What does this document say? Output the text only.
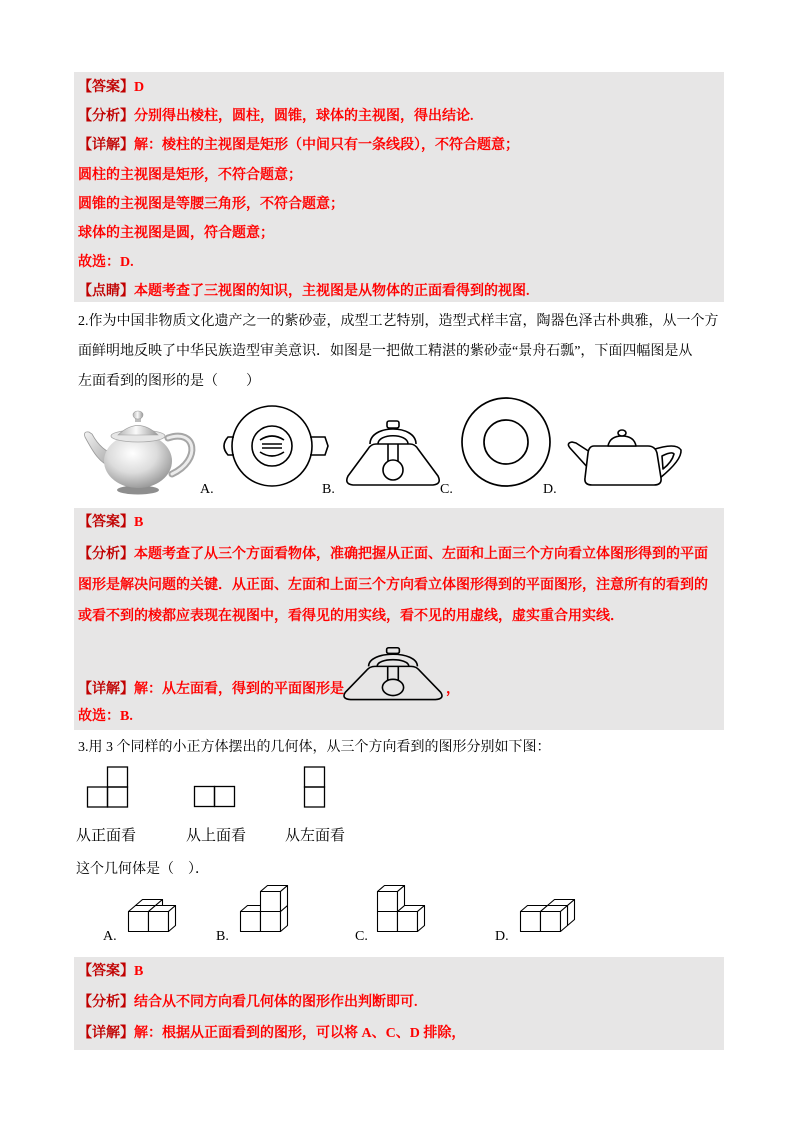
【答案】D
【分析】分别得出棱柱，圆柱，圆锥，球体的主视图，得出结论.
【详解】解：棱柱的主视图是矩形（中间只有一条线段），不符合题意；
圆柱的主视图是矩形，不符合题意；
圆锥的主视图是等腰三角形，不符合题意；
球体的主视图是圆，符合题意；
故选：D.
【点睛】本题考查了三视图的知识，主视图是从物体的正面看得到的视图.
2.作为中国非物质文化遗产之一的紫砂壶，成型工艺特别，造型式样丰富，陶器色泽古朴典雅，从一个方
面鲜明地反映了中华民族造型审美意识．如图是一把做工精湛的紫砂壶“景舟石瓢”，下面四幅图是从
左面看到的图形的是（　　）
A.	B.	C.	D.
【答案】B
【分析】本题考查了从三个方面看物体，准确把握从正面、左面和上面三个方向看立体图形得到的平面
图形是解决问题的关键．从正面、左面和上面三个方向看立体图形得到的平面图形，注意所有的看到的
或看不到的棱都应表现在视图中，看得见的用实线，看不见的用虚线，虚实重合用实线．
【详解】解：从左面看，得到的平面图形是	，
故选：B.
3.用 3 个同样的小正方体摆出的几何体，从三个方向看到的图形分别如下图：
从正面看	从上面看	从左面看
这个几何体是（　）．
A.	B.	C.	D.
【答案】B
【分析】结合从不同方向看几何体的图形作出判断即可.
【详解】解：根据从正面看到的图形，可以将 A、C、D 排除，
